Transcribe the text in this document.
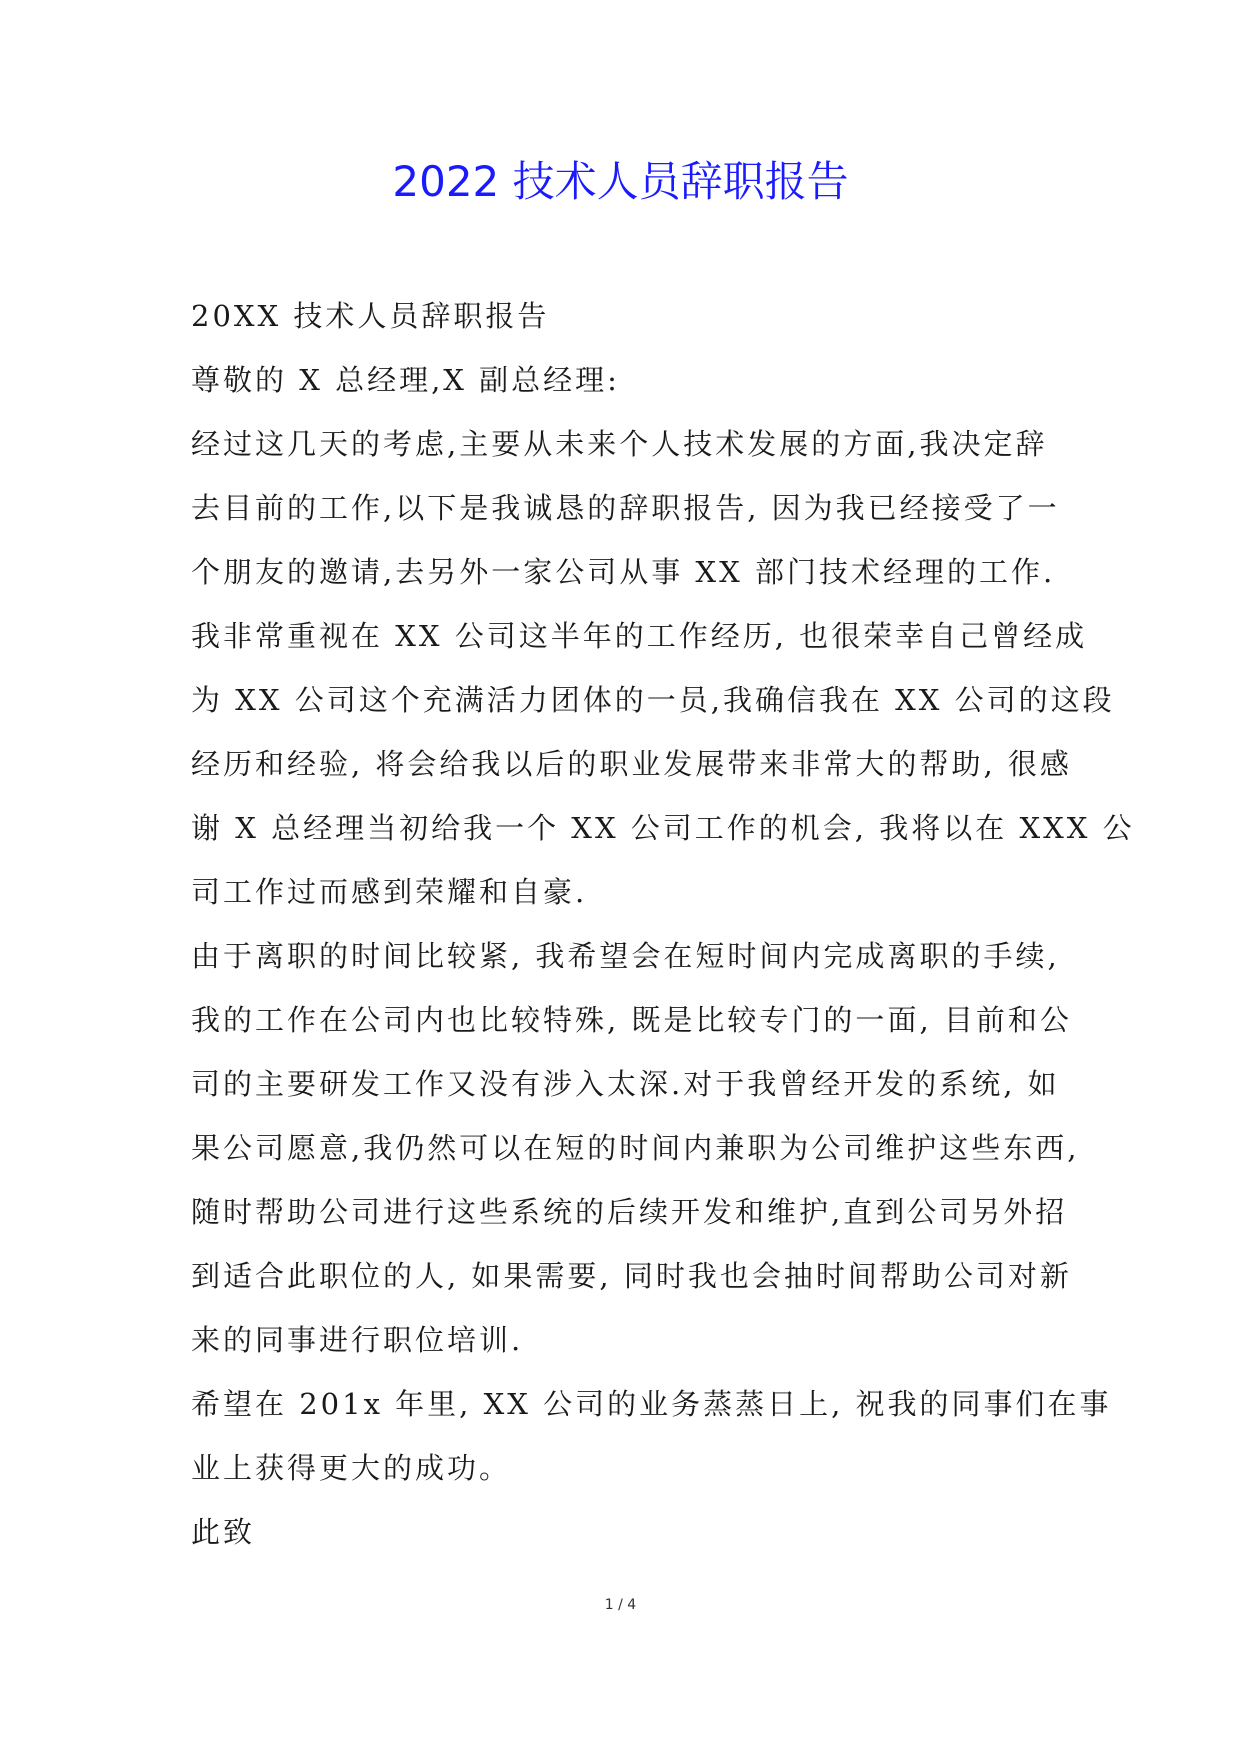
2022 技术人员辞职报告
20XX 技术人员辞职报告
尊敬的 X 总经理,X 副总经理:
经过这几天的考虑,主要从未来个人技术发展的方面,我决定辞
去目前的工作,以下是我诚恳的辞职报告, 因为我已经接受了一
个朋友的邀请,去另外一家公司从事 XX 部门技术经理的工作.
我非常重视在 XX 公司这半年的工作经历, 也很荣幸自己曾经成
为 XX 公司这个充满活力团体的一员,我确信我在 XX 公司的这段
经历和经验, 将会给我以后的职业发展带来非常大的帮助, 很感
谢 X 总经理当初给我一个 XX 公司工作的机会, 我将以在 XXX 公
司工作过而感到荣耀和自豪.
由于离职的时间比较紧, 我希望会在短时间内完成离职的手续,
我的工作在公司内也比较特殊, 既是比较专门的一面, 目前和公
司的主要研发工作又没有涉入太深.对于我曾经开发的系统, 如
果公司愿意,我仍然可以在短的时间内兼职为公司维护这些东西,
随时帮助公司进行这些系统的后续开发和维护,直到公司另外招
到适合此职位的人, 如果需要, 同时我也会抽时间帮助公司对新
来的同事进行职位培训.
希望在 201x 年里, XX 公司的业务蒸蒸日上, 祝我的同事们在事
业上获得更大的成功。
此致
1 / 4
